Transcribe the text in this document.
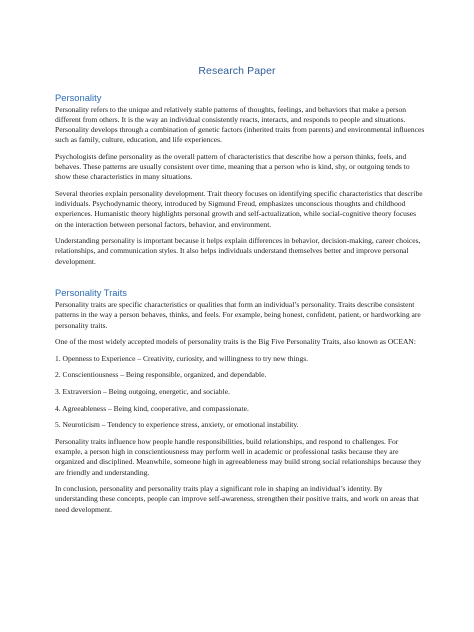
Research Paper
Personality

Personality refers to the unique and relatively stable patterns of thoughts, feelings, and behaviors that make a person different from others. It is the way an individual consistently reacts, interacts, and responds to people and situations. Personality develops through a combination of genetic factors (inherited traits from parents) and environmental influences such as family, culture, education, and life experiences.

Psychologists define personality as the overall pattern of characteristics that describe how a person thinks, feels, and behaves. These patterns are usually consistent over time, meaning that a person who is kind, shy, or outgoing tends to show these characteristics in many situations.

Several theories explain personality development. Trait theory focuses on identifying specific characteristics that describe individuals. Psychodynamic theory, introduced by Sigmund Freud, emphasizes unconscious thoughts and childhood experiences. Humanistic theory highlights personal growth and self-actualization, while social-cognitive theory focuses on the interaction between personal factors, behavior, and environment.

Understanding personality is important because it helps explain differences in behavior, decision-making, career choices, relationships, and communication styles. It also helps individuals understand themselves better and improve personal development.

Personality Traits

Personality traits are specific characteristics or qualities that form an individual’s personality. Traits describe consistent patterns in the way a person behaves, thinks, and feels. For example, being honest, confident, patient, or hardworking are personality traits.

One of the most widely accepted models of personality traits is the Big Five Personality Traits, also known as OCEAN:

1. Openness to Experience – Creativity, curiosity, and willingness to try new things.

2. Conscientiousness – Being responsible, organized, and dependable.

3. Extraversion – Being outgoing, energetic, and sociable.

4. Agreeableness – Being kind, cooperative, and compassionate.

5. Neuroticism – Tendency to experience stress, anxiety, or emotional instability.

Personality traits influence how people handle responsibilities, build relationships, and respond to challenges. For example, a person high in conscientiousness may perform well in academic or professional tasks because they are organized and disciplined. Meanwhile, someone high in agreeableness may build strong social relationships because they are friendly and understanding.

In conclusion, personality and personality traits play a significant role in shaping an individual’s identity. By understanding these concepts, people can improve self-awareness, strengthen their positive traits, and work on areas that need development.
